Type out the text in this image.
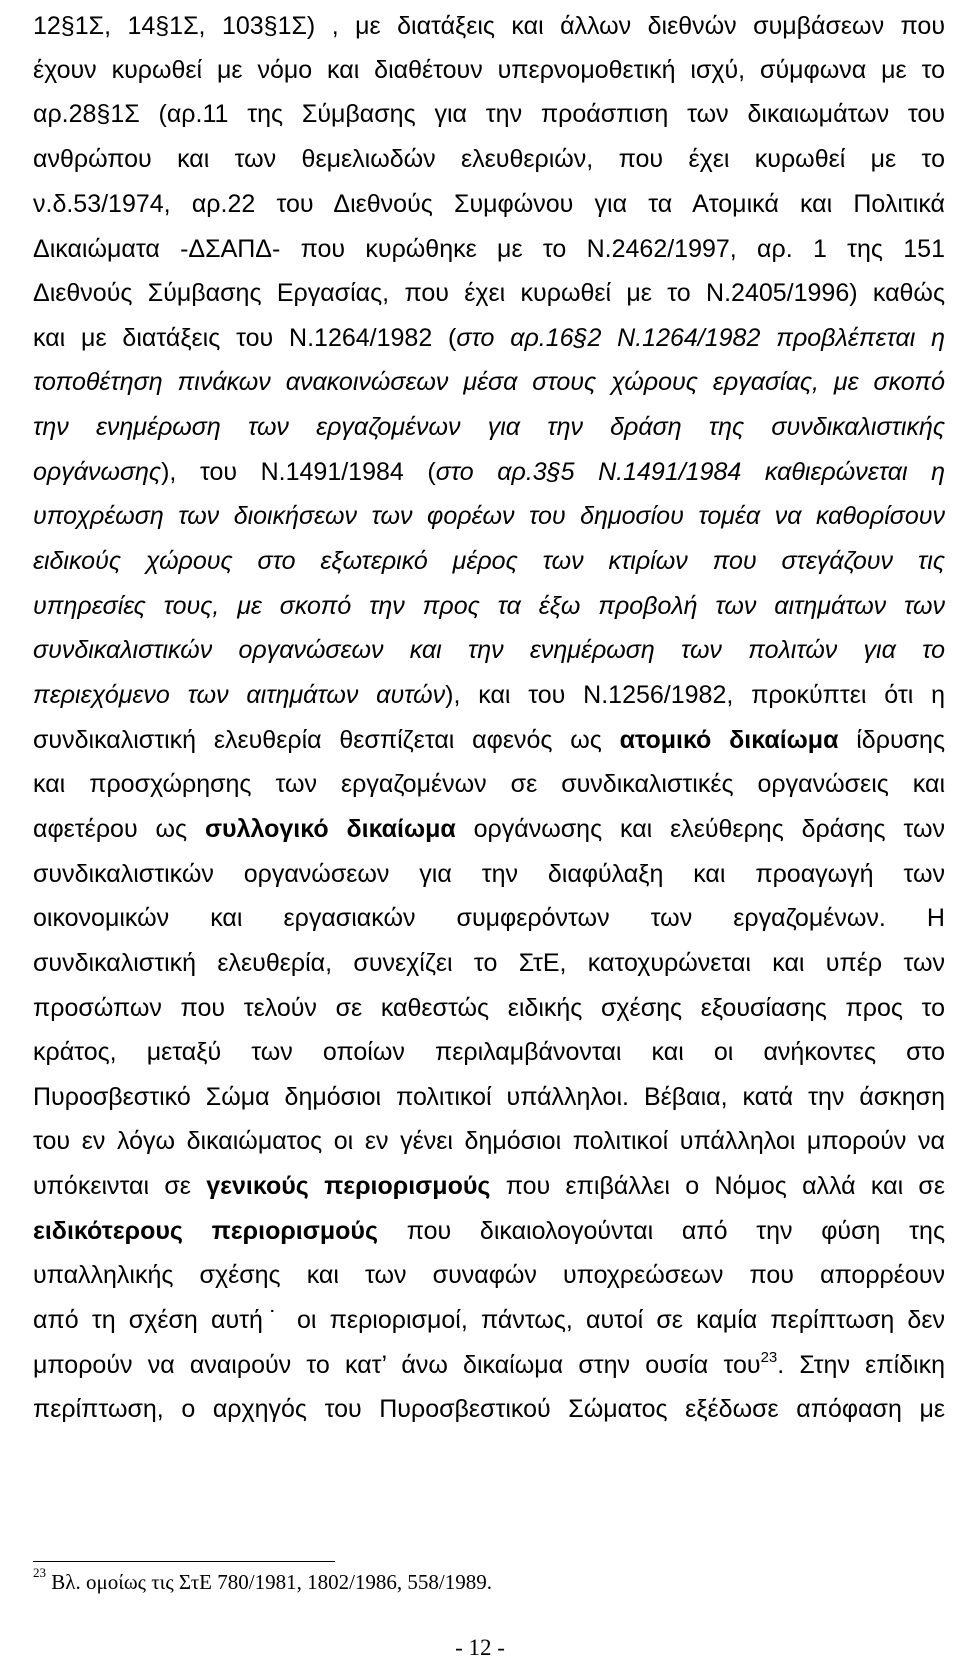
12§1Σ, 14§1Σ, 103§1Σ) , με διατάξεις και άλλων διεθνών συμβάσεων που
έχουν κυρωθεί με νόμο και διαθέτουν υπερνομοθετική ισχύ, σύμφωνα με το
αρ.28§1Σ (αρ.11 της Σύμβασης για την προάσπιση των δικαιωμάτων του
ανθρώπου και των θεμελιωδών ελευθεριών, που έχει κυρωθεί με το
ν.δ.53/1974, αρ.22 του Διεθνούς Συμφώνου για τα Ατομικά και Πολιτικά
Δικαιώματα -ΔΣΑΠΔ- που κυρώθηκε με το Ν.2462/1997, αρ. 1 της 151
Διεθνούς Σύμβασης Εργασίας, που έχει κυρωθεί με το Ν.2405/1996) καθώς
και με διατάξεις του Ν.1264/1982 (στο αρ.16§2 Ν.1264/1982 προβλέπεται η
τοποθέτηση πινάκων ανακοινώσεων μέσα στους χώρους εργασίας, με σκοπό
την ενημέρωση των εργαζομένων για την δράση της συνδικαλιστικής
οργάνωσης), του Ν.1491/1984 (στο αρ.3§5 Ν.1491/1984 καθιερώνεται η
υποχρέωση των διοικήσεων των φορέων του δημοσίου τομέα να καθορίσουν
ειδικούς χώρους στο εξωτερικό μέρος των κτιρίων που στεγάζουν τις
υπηρεσίες τους, με σκοπό την προς τα έξω προβολή των αιτημάτων των
συνδικαλιστικών οργανώσεων και την ενημέρωση των πολιτών για το
περιεχόμενο των αιτημάτων αυτών), και του Ν.1256/1982, προκύπτει ότι η
συνδικαλιστική ελευθερία θεσπίζεται αφενός ως ατομικό δικαίωμα ίδρυσης
και προσχώρησης των εργαζομένων σε συνδικαλιστικές οργανώσεις και
αφετέρου ως συλλογικό δικαίωμα οργάνωσης και ελεύθερης δράσης των
συνδικαλιστικών οργανώσεων για την διαφύλαξη και προαγωγή των
οικονομικών και εργασιακών συμφερόντων των εργαζομένων. Η
συνδικαλιστική ελευθερία, συνεχίζει το ΣτΕ, κατοχυρώνεται και υπέρ των
προσώπων που τελούν σε καθεστώς ειδικής σχέσης εξουσίασης προς το
κράτος, μεταξύ των οποίων περιλαμβάνονται και οι ανήκοντες στο
Πυροσβεστικό Σώμα δημόσιοι πολιτικοί υπάλληλοι. Βέβαια, κατά την άσκηση
του εν λόγω δικαιώματος οι εν γένει δημόσιοι πολιτικοί υπάλληλοι μπορούν να
υπόκεινται σε γενικούς περιορισμούς που επιβάλλει ο Νόμος αλλά και σε
ειδικότερους περιορισμούς που δικαιολογούνται από την φύση της
υπαλληλικής σχέσης και των συναφών υποχρεώσεων που απορρέουν
από τη σχέση αυτή˙ οι περιορισμοί, πάντως, αυτοί σε καμία περίπτωση δεν
μπορούν να αναιρούν το κατ’ άνω δικαίωμα στην ουσία του$^{23}$. Στην επίδικη
περίπτωση, ο αρχηγός του Πυροσβεστικού Σώματος εξέδωσε απόφαση με
$^{23}$ Βλ. ομοίως τις ΣτΕ 780/1981, 1802/1986, 558/1989.
- 12 -
